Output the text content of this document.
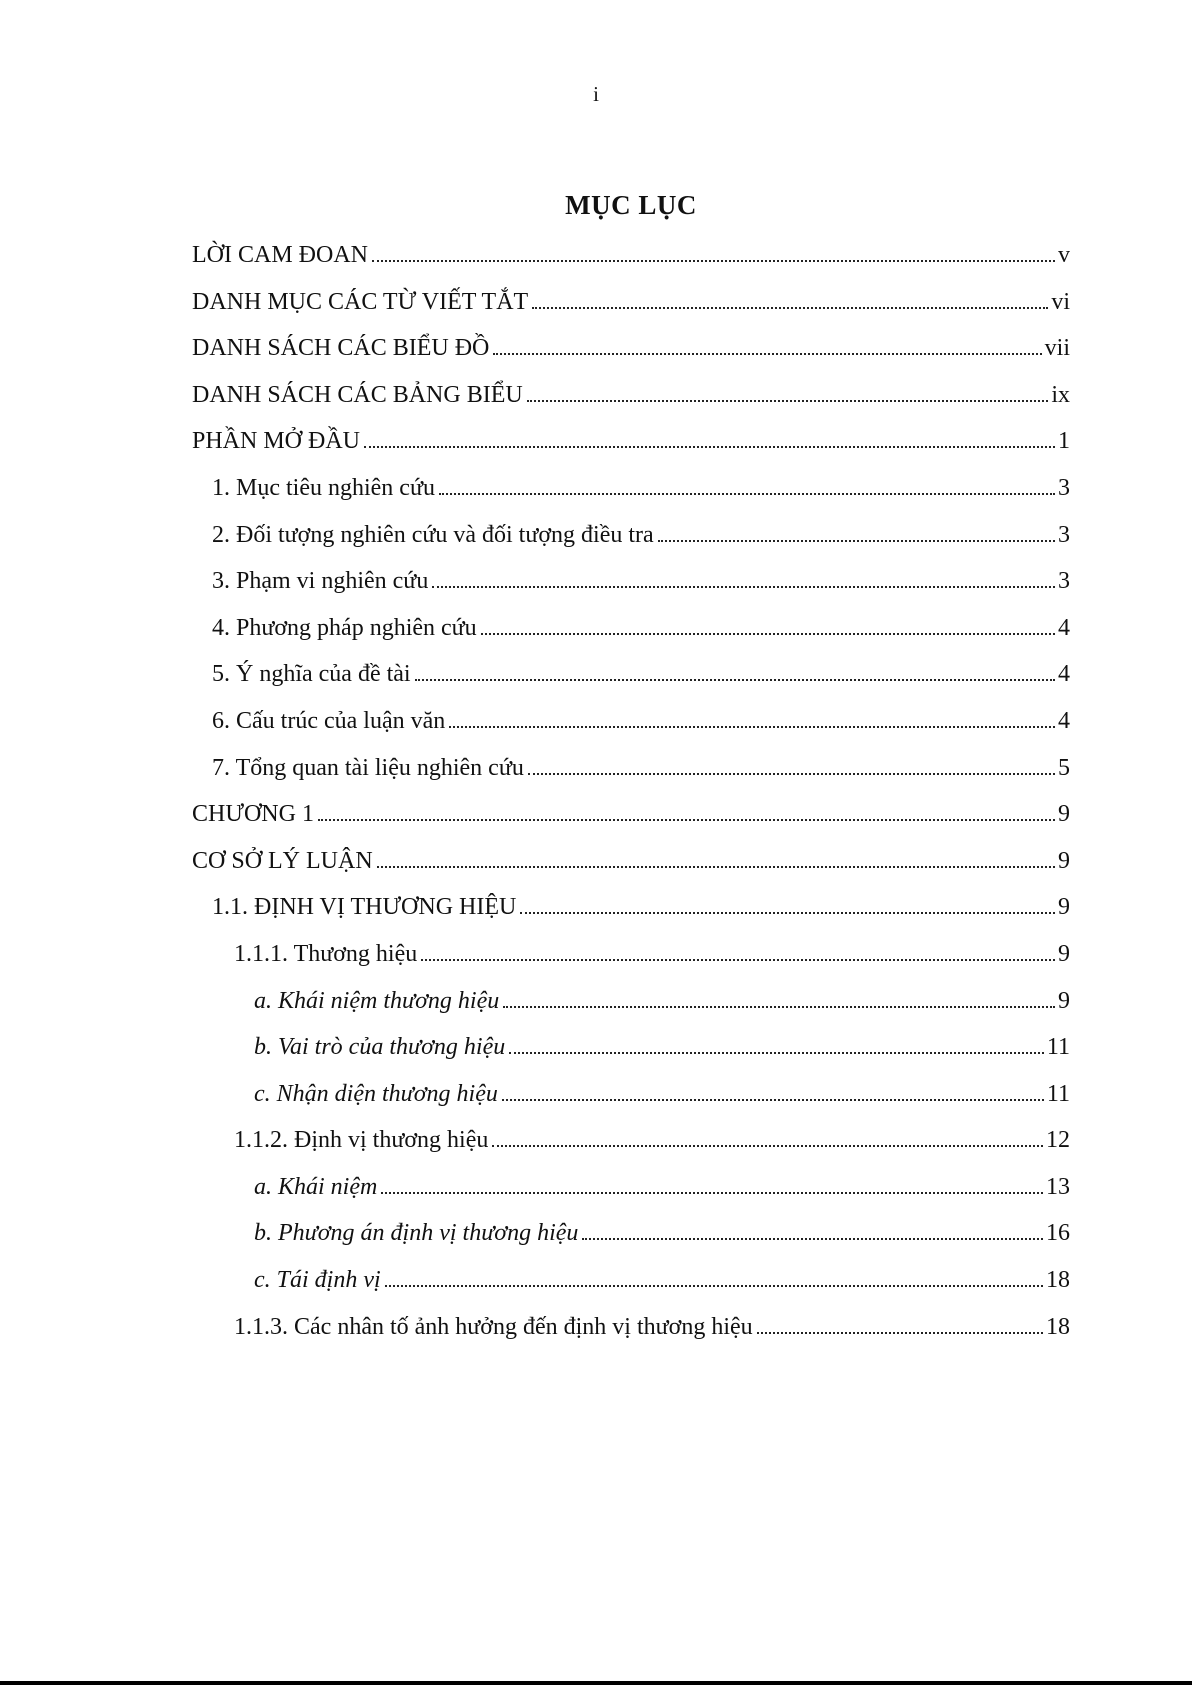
i
MỤC LỤC
LỜI CAM ĐOAN	v
DANH MỤC CÁC TỪ VIẾT TẮT	vi
DANH SÁCH CÁC BIỂU ĐỒ	vii
DANH SÁCH CÁC BẢNG BIỂU	ix
PHẦN MỞ ĐẦU	1
1. Mục tiêu nghiên cứu	3
2. Đối tượng nghiên cứu và đối tượng điều tra	3
3. Phạm vi nghiên cứu	3
4. Phương pháp nghiên cứu	4
5. Ý nghĩa của đề tài	4
6. Cấu trúc của luận văn	4
7. Tổng quan tài liệu nghiên cứu	5
CHƯƠNG 1	9
CƠ SỞ LÝ LUẬN	9
1.1. ĐỊNH VỊ THƯƠNG HIỆU	9
1.1.1. Thương hiệu	9
a. Khái niệm thương hiệu	9
b. Vai trò của thương hiệu	11
c. Nhận diện thương hiệu	11
1.1.2. Định vị thương hiệu	12
a. Khái niệm	13
b. Phương án định vị thương hiệu	16
c. Tái định vị	18
1.1.3. Các nhân tố ảnh hưởng đến định vị thương hiệu	18
